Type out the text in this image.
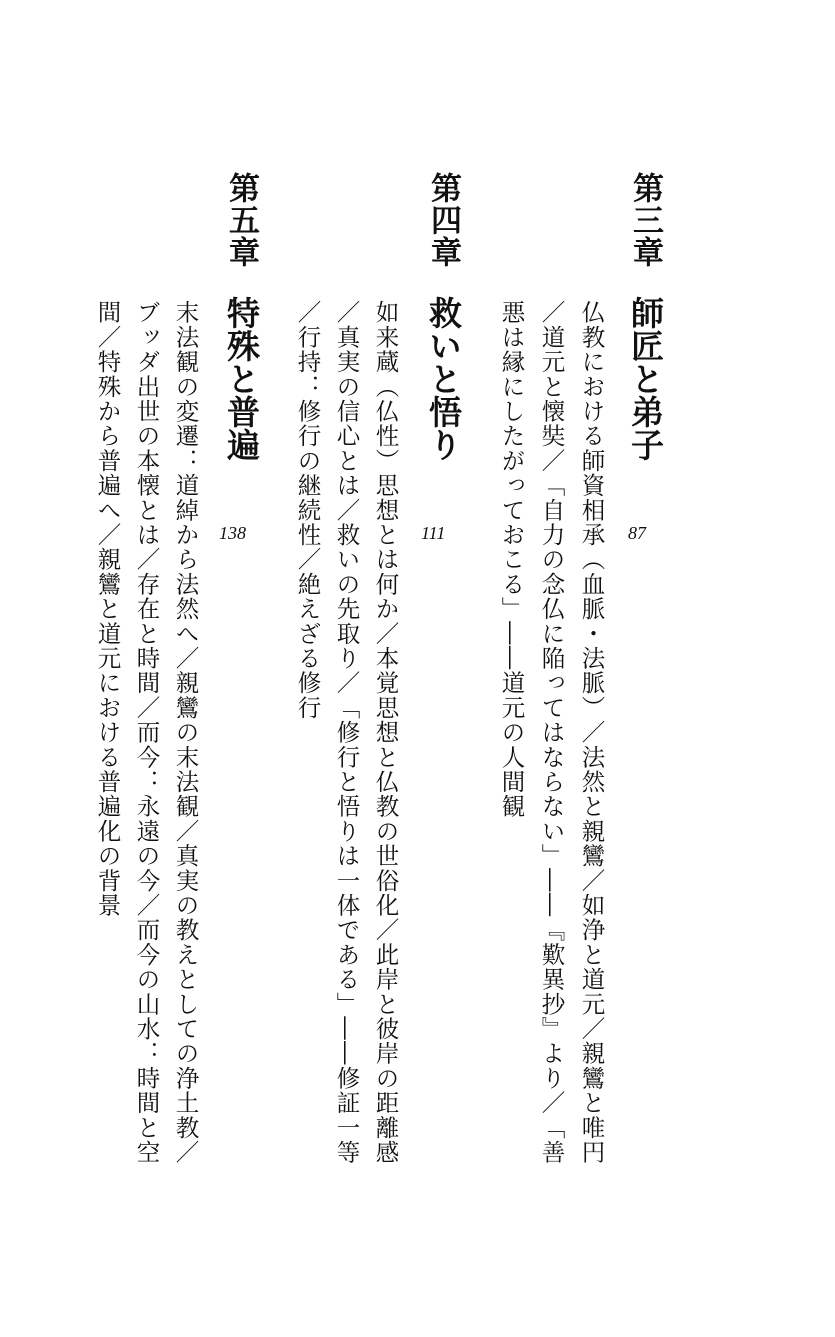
第三章
師匠と弟子
87
仏教における師資相承（血脈・法脈）／法然と親鸞／如浄と道元／親鸞と唯円
／道元と懐奘／「自力の念仏に陥ってはならない」――『歎異抄』より／「善
悪は縁にしたがっておこる」――道元の人間観
第四章
救いと悟り
111
如来蔵（仏性）思想とは何か／本覚思想と仏教の世俗化／此岸と彼岸の距離感
／真実の信心とは／救いの先取り／「修行と悟りは一体である」――修証一等
／行持：修行の継続性／絶えざる修行
第五章
特殊と普遍
138
末法観の変遷：道綽から法然へ／親鸞の末法観／真実の教えとしての浄土教／
ブッダ出世の本懐とは／存在と時間／而今：永遠の今／而今の山水：時間と空
間／特殊から普遍へ／親鸞と道元における普遍化の背景
